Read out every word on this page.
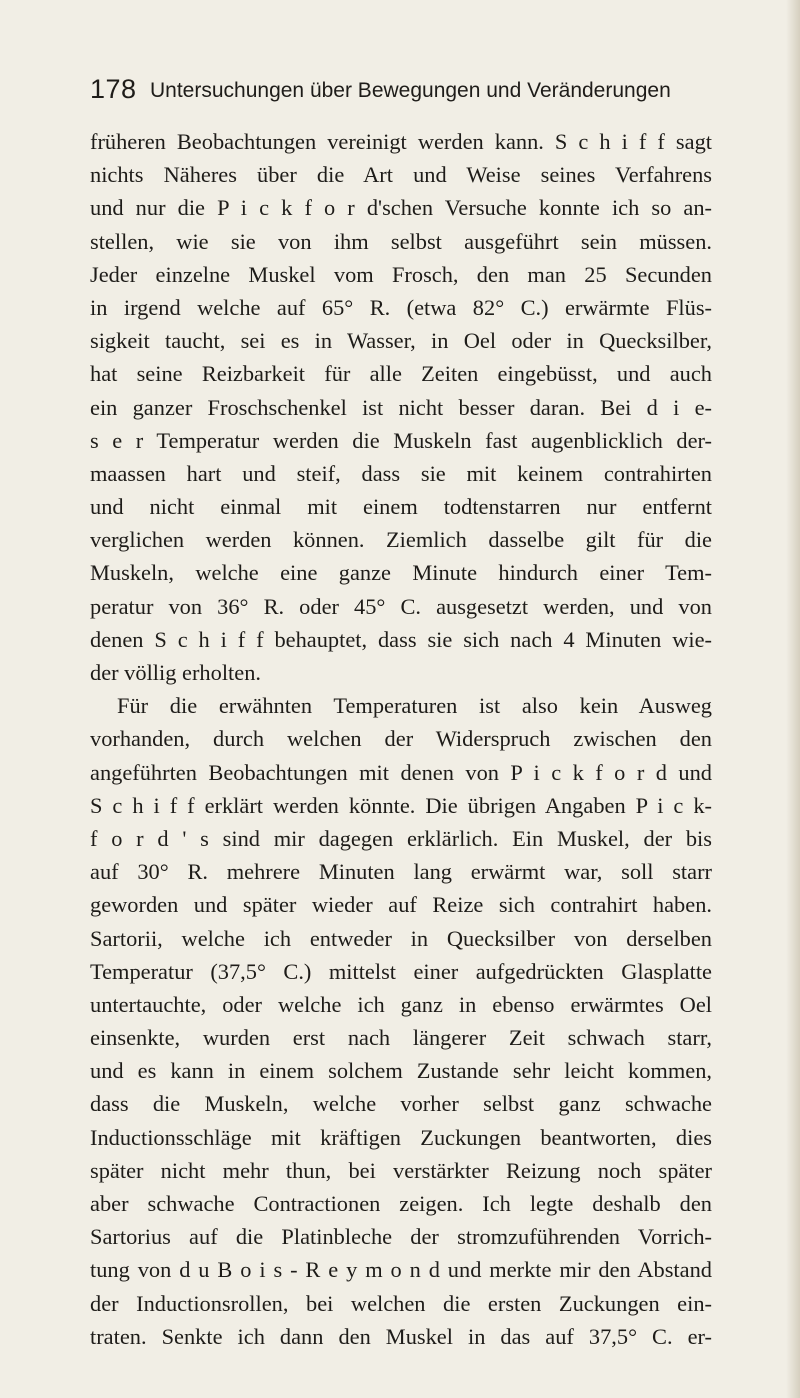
178 Untersuchungen über Bewegungen und Veränderungen
früheren Beobachtungen vereinigt werden kann. S c h i f f sagt
nichts Näheres über die Art und Weise seines Verfahrens
und nur die P i c k f o r d'schen Versuche konnte ich so an-
stellen, wie sie von ihm selbst ausgeführt sein müssen.
Jeder einzelne Muskel vom Frosch, den man 25 Secunden
in irgend welche auf 65° R. (etwa 82° C.) erwärmte Flüs-
sigkeit taucht, sei es in Wasser, in Oel oder in Quecksilber,
hat seine Reizbarkeit für alle Zeiten eingebüsst, und auch
ein ganzer Froschschenkel ist nicht besser daran. Bei d i e-
s e r Temperatur werden die Muskeln fast augenblicklich der-
maassen hart und steif, dass sie mit keinem contrahirten
und nicht einmal mit einem todtenstarren nur entfernt
verglichen werden können. Ziemlich dasselbe gilt für die
Muskeln, welche eine ganze Minute hindurch einer Tem-
peratur von 36° R. oder 45° C. ausgesetzt werden, und von
denen S c h i f f behauptet, dass sie sich nach 4 Minuten wie-
der völlig erholten.
Für die erwähnten Temperaturen ist also kein Ausweg
vorhanden, durch welchen der Widerspruch zwischen den
angeführten Beobachtungen mit denen von P i c k f o r d und
S c h i f f erklärt werden könnte. Die übrigen Angaben P i c k-
f o r d ' s sind mir dagegen erklärlich. Ein Muskel, der bis
auf 30° R. mehrere Minuten lang erwärmt war, soll starr
geworden und später wieder auf Reize sich contrahirt haben.
Sartorii, welche ich entweder in Quecksilber von derselben
Temperatur (37,5° C.) mittelst einer aufgedrückten Glasplatte
untertauchte, oder welche ich ganz in ebenso erwärmtes Oel
einsenkte, wurden erst nach längerer Zeit schwach starr,
und es kann in einem solchem Zustande sehr leicht kommen,
dass die Muskeln, welche vorher selbst ganz schwache
Inductionsschläge mit kräftigen Zuckungen beantworten, dies
später nicht mehr thun, bei verstärkter Reizung noch später
aber schwache Contractionen zeigen. Ich legte deshalb den
Sartorius auf die Platinbleche der stromzuführenden Vorrich-
tung von d u B o i s - R e y m o n d und merkte mir den Abstand
der Inductionsrollen, bei welchen die ersten Zuckungen ein-
traten. Senkte ich dann den Muskel in das auf 37,5° C. er-
